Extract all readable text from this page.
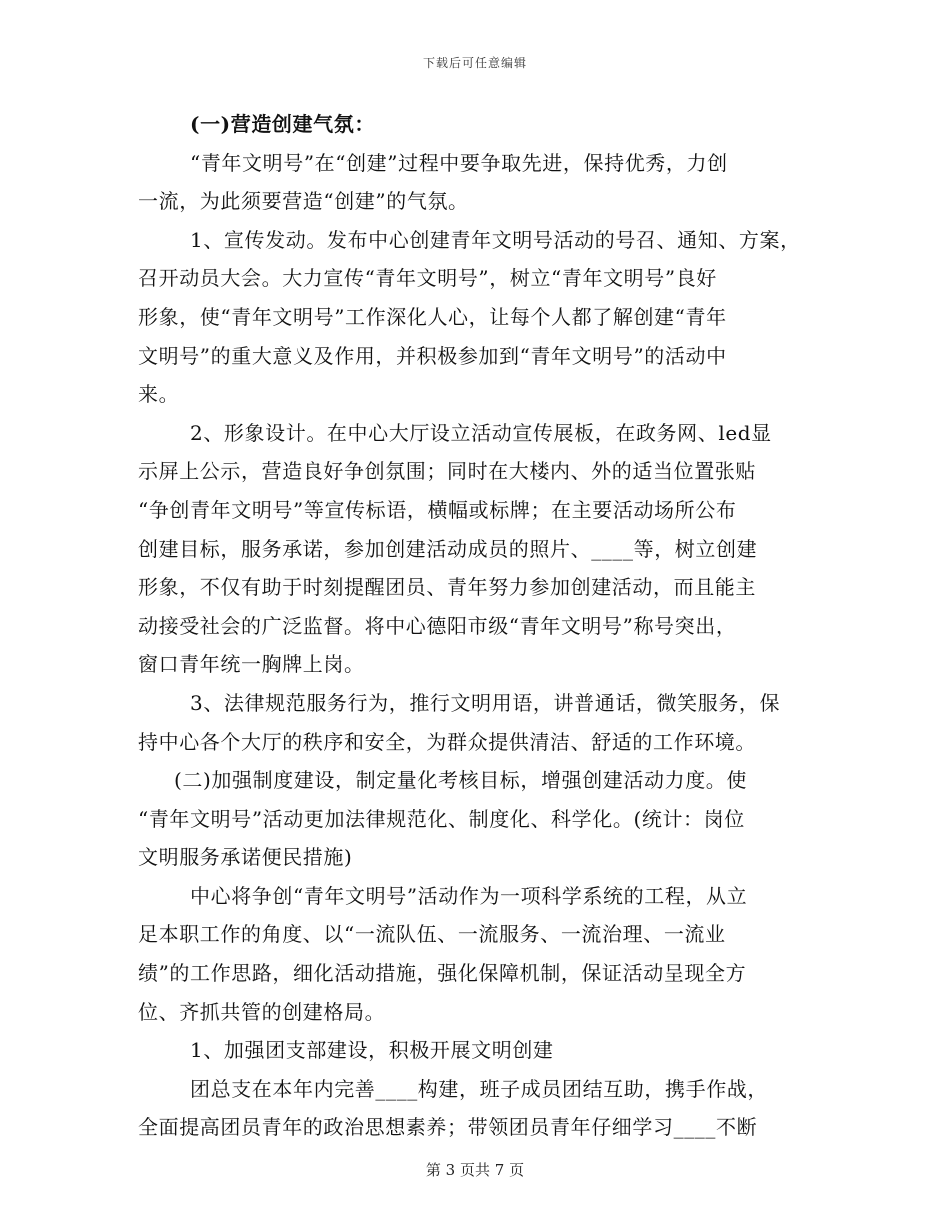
下载后可任意编辑
(一)营造创建气氛：
“青年文明号”在“创建”过程中要争取先进，保持优秀，力创
一流，为此须要营造“创建”的气氛。
1、宣传发动。发布中心创建青年文明号活动的号召、通知、方案，
召开动员大会。大力宣传“青年文明号”，树立“青年文明号”良好
形象，使“青年文明号”工作深化人心，让每个人都了解创建“青年
文明号”的重大意义及作用，并积极参加到“青年文明号”的活动中
来。
2、形象设计。在中心大厅设立活动宣传展板，在政务网、led显
示屏上公示，营造良好争创氛围；同时在大楼内、外的适当位置张贴
“争创青年文明号”等宣传标语，横幅或标牌；在主要活动场所公布
创建目标，服务承诺，参加创建活动成员的照片、____等，树立创建
形象，不仅有助于时刻提醒团员、青年努力参加创建活动，而且能主
动接受社会的广泛监督。将中心德阳市级“青年文明号”称号突出，
窗口青年统一胸牌上岗。
3、法律规范服务行为，推行文明用语，讲普通话，微笑服务，保
持中心各个大厅的秩序和安全，为群众提供清洁、舒适的工作环境。
(二)加强制度建设，制定量化考核目标，增强创建活动力度。使
“青年文明号”活动更加法律规范化、制度化、科学化。(统计：岗位
文明服务承诺便民措施)
中心将争创“青年文明号”活动作为一项科学系统的工程，从立
足本职工作的角度、以“一流队伍、一流服务、一流治理、一流业
绩”的工作思路，细化活动措施，强化保障机制，保证活动呈现全方
位、齐抓共管的创建格局。
1、加强团支部建设，积极开展文明创建
团总支在本年内完善____构建，班子成员团结互助，携手作战，
全面提高团员青年的政治思想素养；带领团员青年仔细学习____不断
第 3 页共 7 页
